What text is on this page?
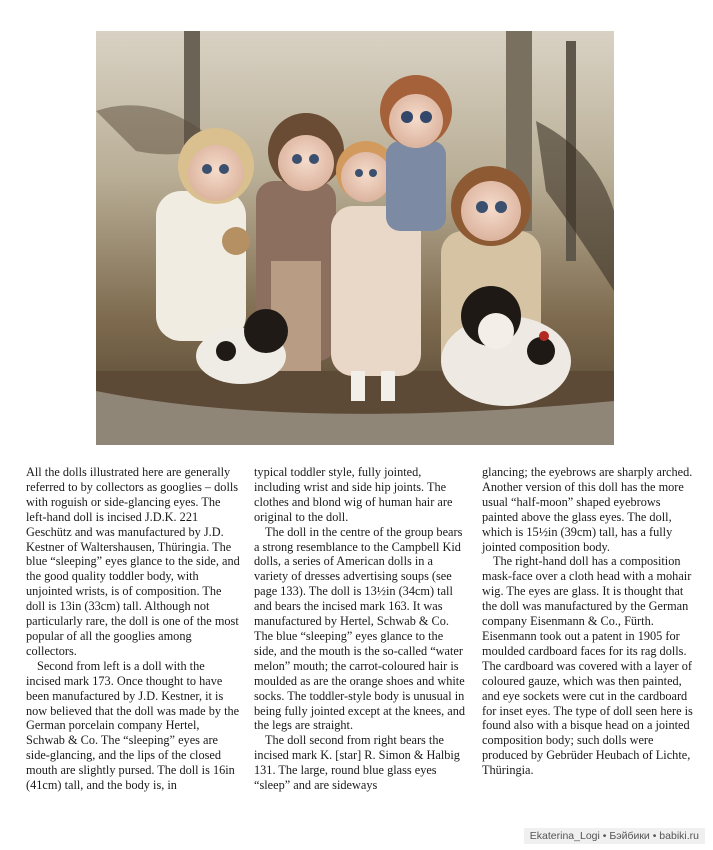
All the dolls illustrated here are generally referred to by collectors as googlies – dolls with roguish or side-glancing eyes. The left-hand doll is incised J.D.K. 221 Geschütz and was manufactured by J.D. Kestner of Waltershausen, Thüringia. The blue “sleeping” eyes glance to the side, and the good quality toddler body, with unjointed wrists, is of composition. The doll is 13in (33cm) tall. Although not particularly rare, the doll is one of the most popular of all the googlies among collectors.

Second from left is a doll with the incised mark 173. Once thought to have been manufactured by J.D. Kestner, it is now believed that the doll was made by the German porcelain company Hertel, Schwab & Co. The “sleeping” eyes are side-glancing, and the lips of the closed mouth are slightly pursed. The doll is 16in (41cm) tall, and the body is, in

typical toddler style, fully jointed, including wrist and side hip joints. The clothes and blond wig of human hair are original to the doll.

The doll in the centre of the group bears a strong resemblance to the Campbell Kid dolls, a series of American dolls in a variety of dresses advertising soups (see page 133). The doll is 13½in (34cm) tall and bears the incised mark 163. It was manufactured by Hertel, Schwab & Co. The blue “sleeping” eyes glance to the side, and the mouth is the so-called “water melon” mouth; the carrot-coloured hair is moulded as are the orange shoes and white socks. The toddler-style body is unusual in being fully jointed except at the knees, and the legs are straight.

The doll second from right bears the incised mark K. [star] R. Simon & Halbig 131. The large, round blue glass eyes “sleep” and are sideways

glancing; the eyebrows are sharply arched. Another version of this doll has the more usual “half-moon” shaped eyebrows painted above the glass eyes. The doll, which is 15½in (39cm) tall, has a fully jointed composition body.

The right-hand doll has a composition mask-face over a cloth head with a mohair wig. The eyes are glass. It is thought that the doll was manufactured by the German company Eisenmann & Co., Fürth. Eisenmann took out a patent in 1905 for moulded cardboard faces for its rag dolls. The cardboard was covered with a layer of coloured gauze, which was then painted, and eye sockets were cut in the cardboard for inset eyes. The type of doll seen here is found also with a bisque head on a jointed composition body; such dolls were produced by Gebrüder Heubach of Lichte, Thüringia.

Ekaterina_Logi • Бэйбики • babiki.ru
